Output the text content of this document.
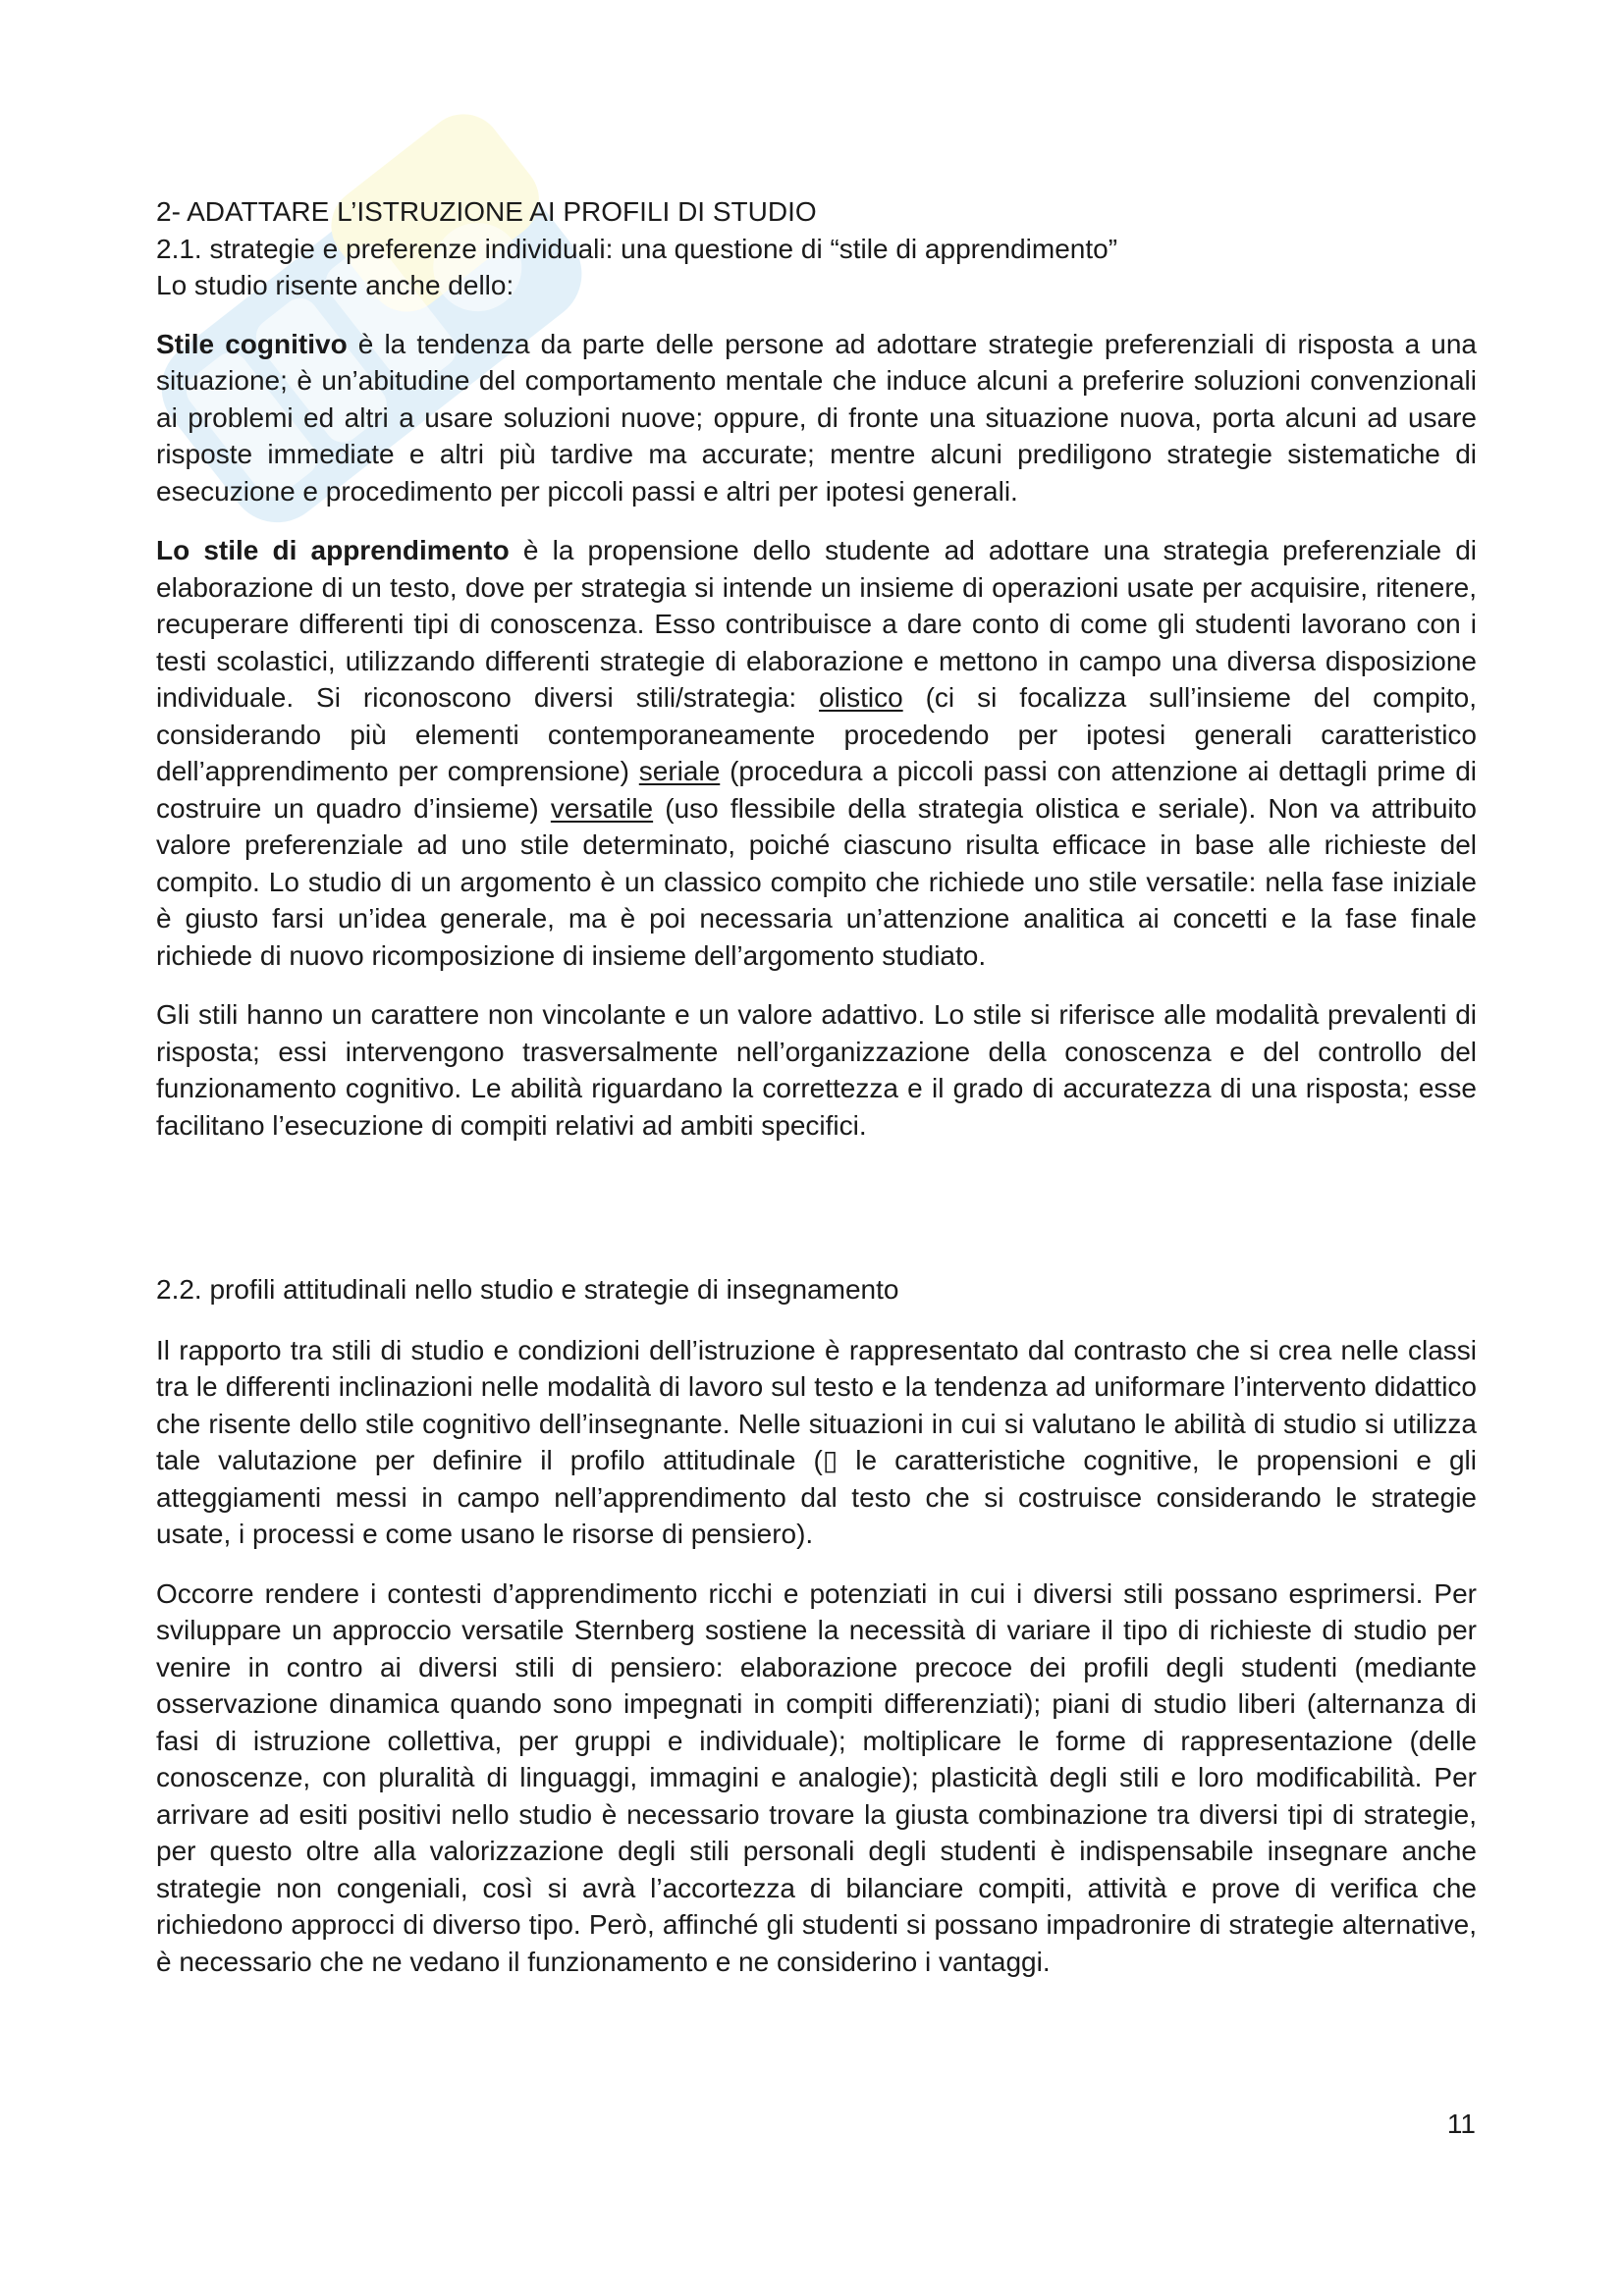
2- ADATTARE L’ISTRUZIONE AI PROFILI DI STUDIO

2.1. strategie e preferenze individuali: una questione di “stile di apprendimento”

Lo studio risente anche dello:

Stile cognitivo è la tendenza da parte delle persone ad adottare strategie preferenziali di risposta a una situazione; è un’abitudine del comportamento mentale che induce alcuni a preferire soluzioni convenzionali ai problemi ed altri a usare soluzioni nuove; oppure, di fronte una situazione nuova, porta alcuni ad usare risposte immediate e altri più tardive ma accurate; mentre alcuni prediligono strategie sistematiche di esecuzione e procedimento per piccoli passi e altri per ipotesi generali.

Lo stile di apprendimento è la propensione dello studente ad adottare una strategia preferenziale di elaborazione di un testo, dove per strategia si intende un insieme di operazioni usate per acquisire, ritenere, recuperare differenti tipi di conoscenza. Esso contribuisce a dare conto di come gli studenti lavorano con i testi scolastici, utilizzando differenti strategie di elaborazione e mettono in campo una diversa disposizione individuale. Si riconoscono diversi stili/strategia: olistico (ci si focalizza sull’insieme del compito, considerando più elementi contemporaneamente procedendo per ipotesi generali caratteristico dell’apprendimento per comprensione) seriale (procedura a piccoli passi con attenzione ai dettagli prime di costruire un quadro d’insieme) versatile (uso flessibile della strategia olistica e seriale). Non va attribuito valore preferenziale ad uno stile determinato, poiché ciascuno risulta efficace in base alle richieste del compito. Lo studio di un argomento è un classico compito che richiede uno stile versatile: nella fase iniziale è giusto farsi un’idea generale, ma è poi necessaria un’attenzione analitica ai concetti e la fase finale richiede di nuovo ricomposizione di insieme dell’argomento studiato.

Gli stili hanno un carattere non vincolante e un valore adattivo. Lo stile si riferisce alle modalità prevalenti di risposta; essi intervengono trasversalmente nell’organizzazione della conoscenza e del controllo del funzionamento cognitivo. Le abilità riguardano la correttezza e il grado di accuratezza di una risposta; esse facilitano l’esecuzione di compiti relativi ad ambiti specifici.

2.2. profili attitudinali nello studio e strategie di insegnamento

Il rapporto tra stili di studio e condizioni dell’istruzione è rappresentato dal contrasto che si crea nelle classi tra le differenti inclinazioni nelle modalità di lavoro sul testo e la tendenza ad uniformare l’intervento didattico che risente dello stile cognitivo dell’insegnante. Nelle situazioni in cui si valutano le abilità di studio si utilizza tale valutazione per definire il profilo attitudinale (▯ le caratteristiche cognitive, le propensioni e gli atteggiamenti messi in campo nell’apprendimento dal testo che si costruisce considerando le strategie usate, i processi e come usano le risorse di pensiero).

Occorre rendere i contesti d’apprendimento ricchi e potenziati in cui i diversi stili possano esprimersi. Per sviluppare un approccio versatile Sternberg sostiene la necessità di variare il tipo di richieste di studio per venire in contro ai diversi stili di pensiero: elaborazione precoce dei profili degli studenti (mediante osservazione dinamica quando sono impegnati in compiti differenziati); piani di studio liberi (alternanza di fasi di istruzione collettiva, per gruppi e individuale); moltiplicare le forme di rappresentazione (delle conoscenze, con pluralità di linguaggi, immagini e analogie); plasticità degli stili e loro modificabilità. Per arrivare ad esiti positivi nello studio è necessario trovare la giusta combinazione tra diversi tipi di strategie, per questo oltre alla valorizzazione degli stili personali degli studenti è indispensabile insegnare anche strategie non congeniali, così si avrà l’accortezza di bilanciare compiti, attività e prove di verifica che richiedono approcci di diverso tipo. Però, affinché gli studenti si possano impadronire di strategie alternative, è necessario che ne vedano il funzionamento e ne considerino i vantaggi.

11
